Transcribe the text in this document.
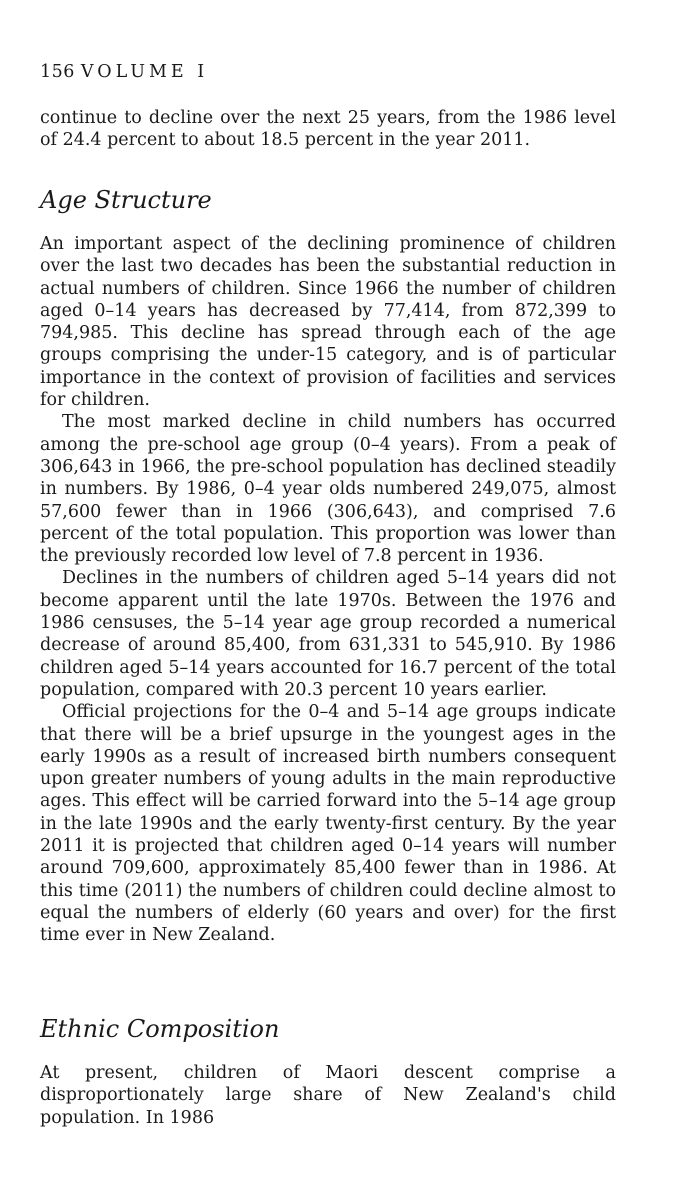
156 VOLUME I

continue to decline over the next 25 years, from the 1986 level of 24.4 percent to about 18.5 percent in the year 2011.

Age Structure

An important aspect of the declining prominence of children over the last two decades has been the substantial reduction in actual numbers of children. Since 1966 the number of children aged 0–14 years has decreased by 77,414, from 872,399 to 794,985. This decline has spread through each of the age groups comprising the under-15 category, and is of particular importance in the context of provision of facilities and services for children.

The most marked decline in child numbers has occurred among the pre-school age group (0–4 years). From a peak of 306,643 in 1966, the pre-school population has declined steadily in numbers. By 1986, 0–4 year olds numbered 249,075, almost 57,600 fewer than in 1966 (306,643), and comprised 7.6 percent of the total population. This proportion was lower than the previously recorded low level of 7.8 percent in 1936.

Declines in the numbers of children aged 5–14 years did not become apparent until the late 1970s. Between the 1976 and 1986 censuses, the 5–14 year age group recorded a numerical decrease of around 85,400, from 631,331 to 545,910. By 1986 children aged 5–14 years accounted for 16.7 percent of the total population, compared with 20.3 percent 10 years earlier.

Official projections for the 0–4 and 5–14 age groups indicate that there will be a brief upsurge in the youngest ages in the early 1990s as a result of increased birth numbers consequent upon greater numbers of young adults in the main reproductive ages. This effect will be carried forward into the 5–14 age group in the late 1990s and the early twenty-first century. By the year 2011 it is projected that children aged 0–14 years will number around 709,600, approximately 85,400 fewer than in 1986. At this time (2011) the numbers of children could decline almost to equal the numbers of elderly (60 years and over) for the first time ever in New Zealand.

Ethnic Composition

At present, children of Maori descent comprise a disproportionately large share of New Zealand's child population. In 1986
